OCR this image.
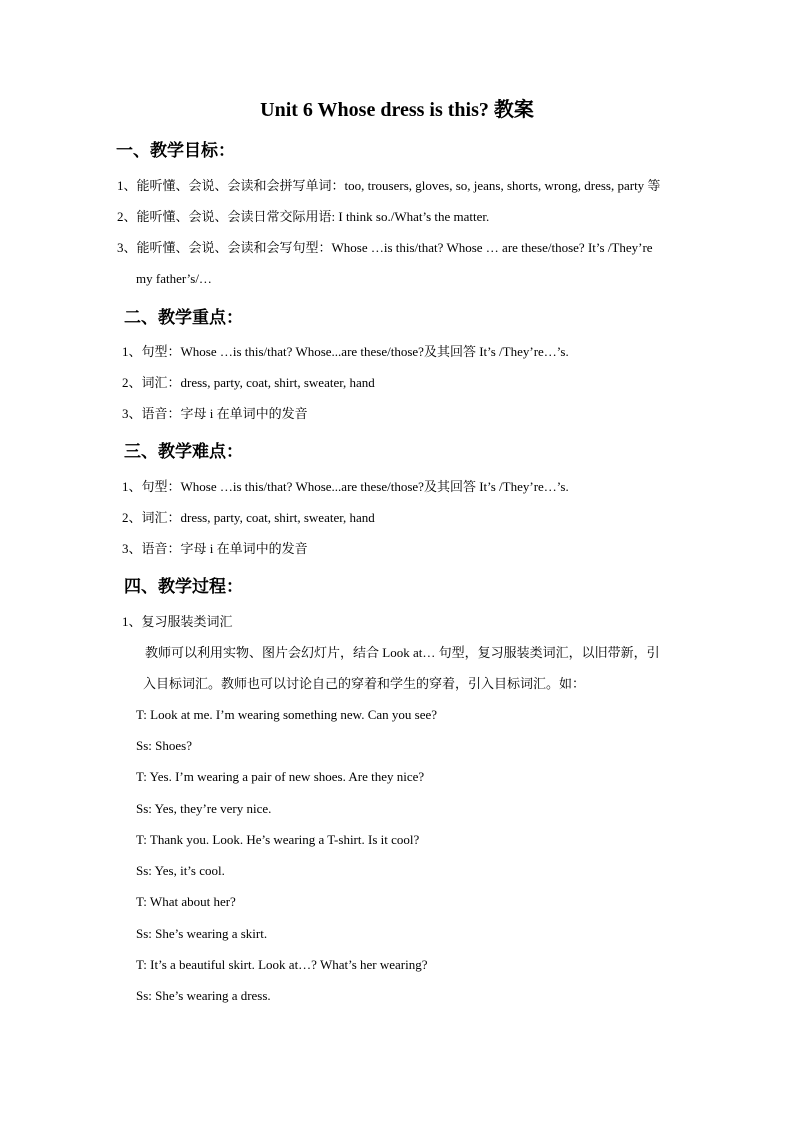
Unit 6 Whose dress is this? 教案
一、教学目标：
1、能听懂、会说、会读和会拼写单词：too, trousers, gloves, so, jeans, shorts, wrong, dress, party 等
2、能听懂、会说、会读日常交际用语: I think so./What’s the matter.
3、能听懂、会说、会读和会写句型：Whose …is this/that? Whose … are these/those? It’s /They’re
my father’s/…
二、教学重点：
1、句型：Whose …is this/that? Whose...are these/those?及其回答 It’s /They’re…’s.
2、词汇：dress, party, coat, shirt, sweater, hand
3、语音：字母 i 在单词中的发音
三、教学难点：
1、句型：Whose …is this/that? Whose...are these/those?及其回答 It’s /They’re…’s.
2、词汇：dress, party, coat, shirt, sweater, hand
3、语音：字母 i 在单词中的发音
四、教学过程：
1、复习服装类词汇
教师可以利用实物、图片会幻灯片，结合 Look at… 句型，复习服装类词汇，以旧带新，引
入目标词汇。教师也可以讨论自己的穿着和学生的穿着，引入目标词汇。如：
T: Look at me. I’m wearing something new. Can you see?
Ss: Shoes?
T: Yes. I’m wearing a pair of new shoes. Are they nice?
Ss: Yes, they’re very nice.
T: Thank you. Look. He’s wearing a T-shirt. Is it cool?
Ss: Yes, it’s cool.
T: What about her?
Ss: She’s wearing a skirt.
T: It’s a beautiful skirt. Look at…? What’s her wearing?
Ss: She’s wearing a dress.
